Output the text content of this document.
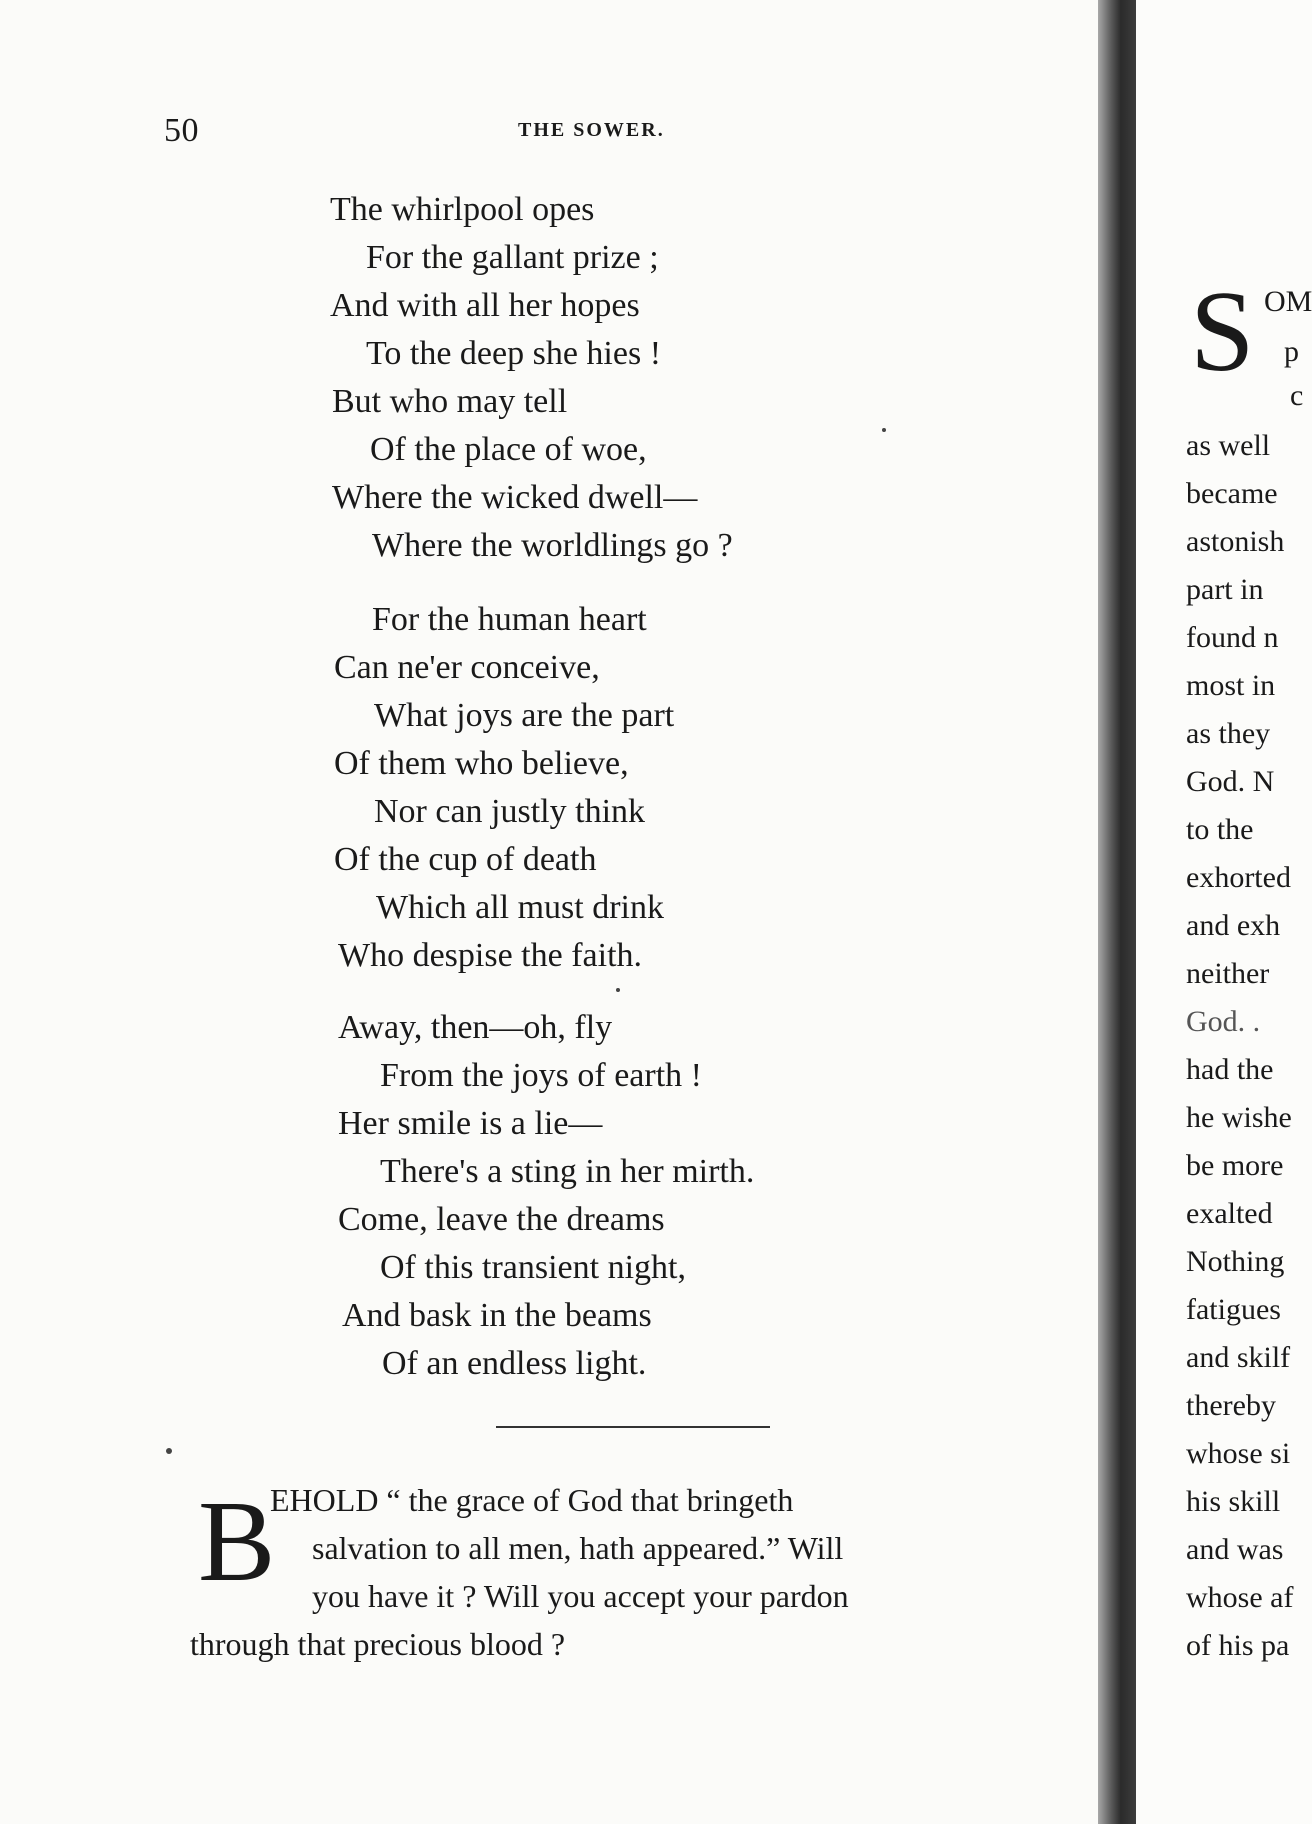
50	THE SOWER.
The whirlpool opes
For the gallant prize ;
And with all her hopes
To the deep she hies !
But who may tell
Of the place of woe,
Where the wicked dwell—
Where the worldlings go ?
For the human heart
Can ne'er conceive,
What joys are the part
Of them who believe,
Nor can justly think
Of the cup of death
Which all must drink
Who despise the faith.
Away, then—oh, fly
From the joys of earth !
Her smile is a lie—
There's a sting in her mirth.
Come, leave the dreams
Of this transient night,
And bask in the beams
Of an endless light.
B
EHOLD “ the grace of God that bringeth
salvation to all men, hath appeared.” Will
you have it ? Will you accept your pardon
through that precious blood ?
S OM
p
c
as well
became
astonish
part in
found n
most in
as they
God. N
to the
exhorted
and exh
neither
God. .
had the
he wishe
be more
exalted
Nothing
fatigues
and skilf
thereby
whose si
his skill
and was
whose af
of his pa
